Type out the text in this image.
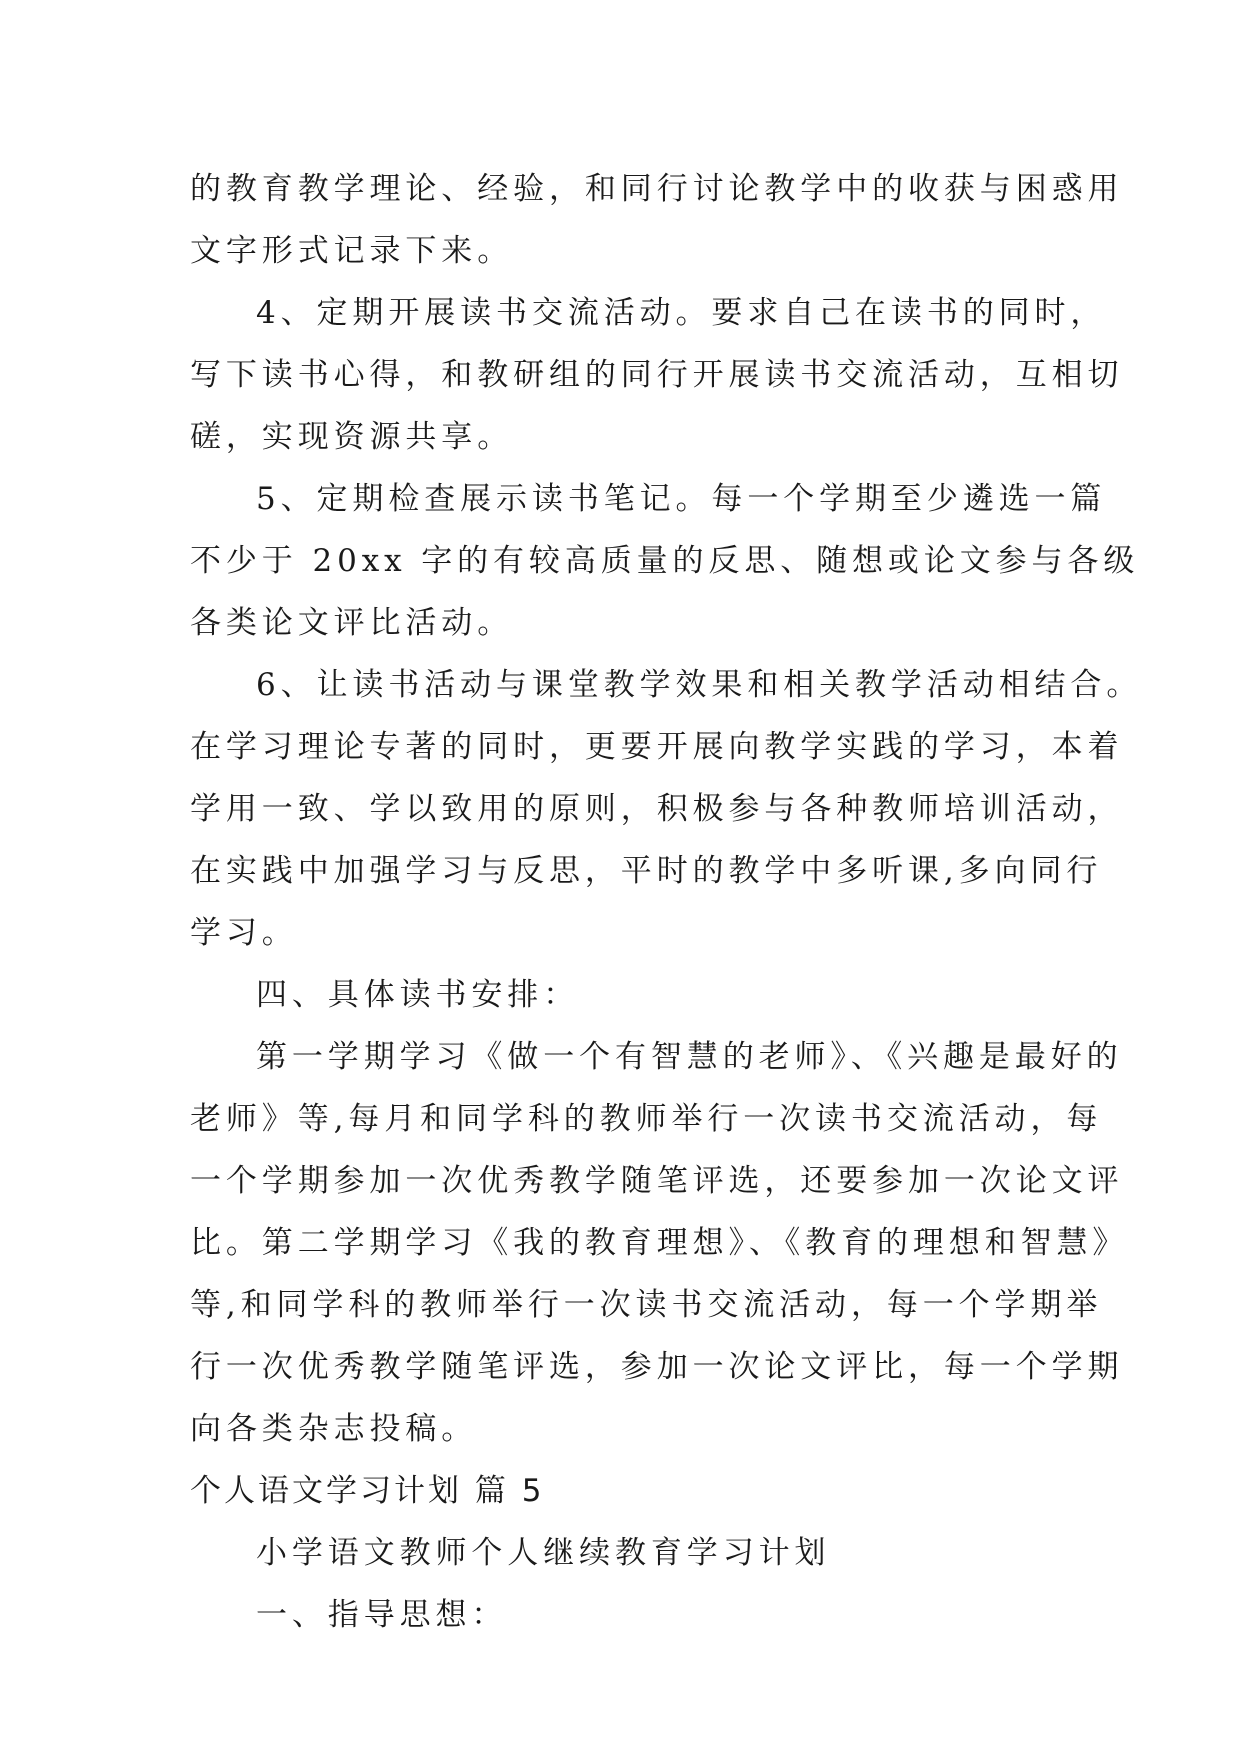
的教育教学理论、经验，和同行讨论教学中的收获与困惑用
文字形式记录下来。
4、定期开展读书交流活动。要求自己在读书的同时，
写下读书心得，和教研组的同行开展读书交流活动，互相切
磋，实现资源共享。
5、定期检查展示读书笔记。每一个学期至少遴选一篇
不少于 20xx 字的有较高质量的反思、随想或论文参与各级
各类论文评比活动。
6、让读书活动与课堂教学效果和相关教学活动相结合。
在学习理论专著的同时，更要开展向教学实践的学习，本着
学用一致、学以致用的原则，积极参与各种教师培训活动，
在实践中加强学习与反思，平时的教学中多听课,多向同行
学习。
四、具体读书安排：
第一学期学习《做一个有智慧的老师》、《兴趣是最好的
老师》等,每月和同学科的教师举行一次读书交流活动，每
一个学期参加一次优秀教学随笔评选，还要参加一次论文评
比。第二学期学习《我的教育理想》、《教育的理想和智慧》
等,和同学科的教师举行一次读书交流活动，每一个学期举
行一次优秀教学随笔评选，参加一次论文评比，每一个学期
向各类杂志投稿。
个人语文学习计划 篇 5
小学语文教师个人继续教育学习计划
一、指导思想：
